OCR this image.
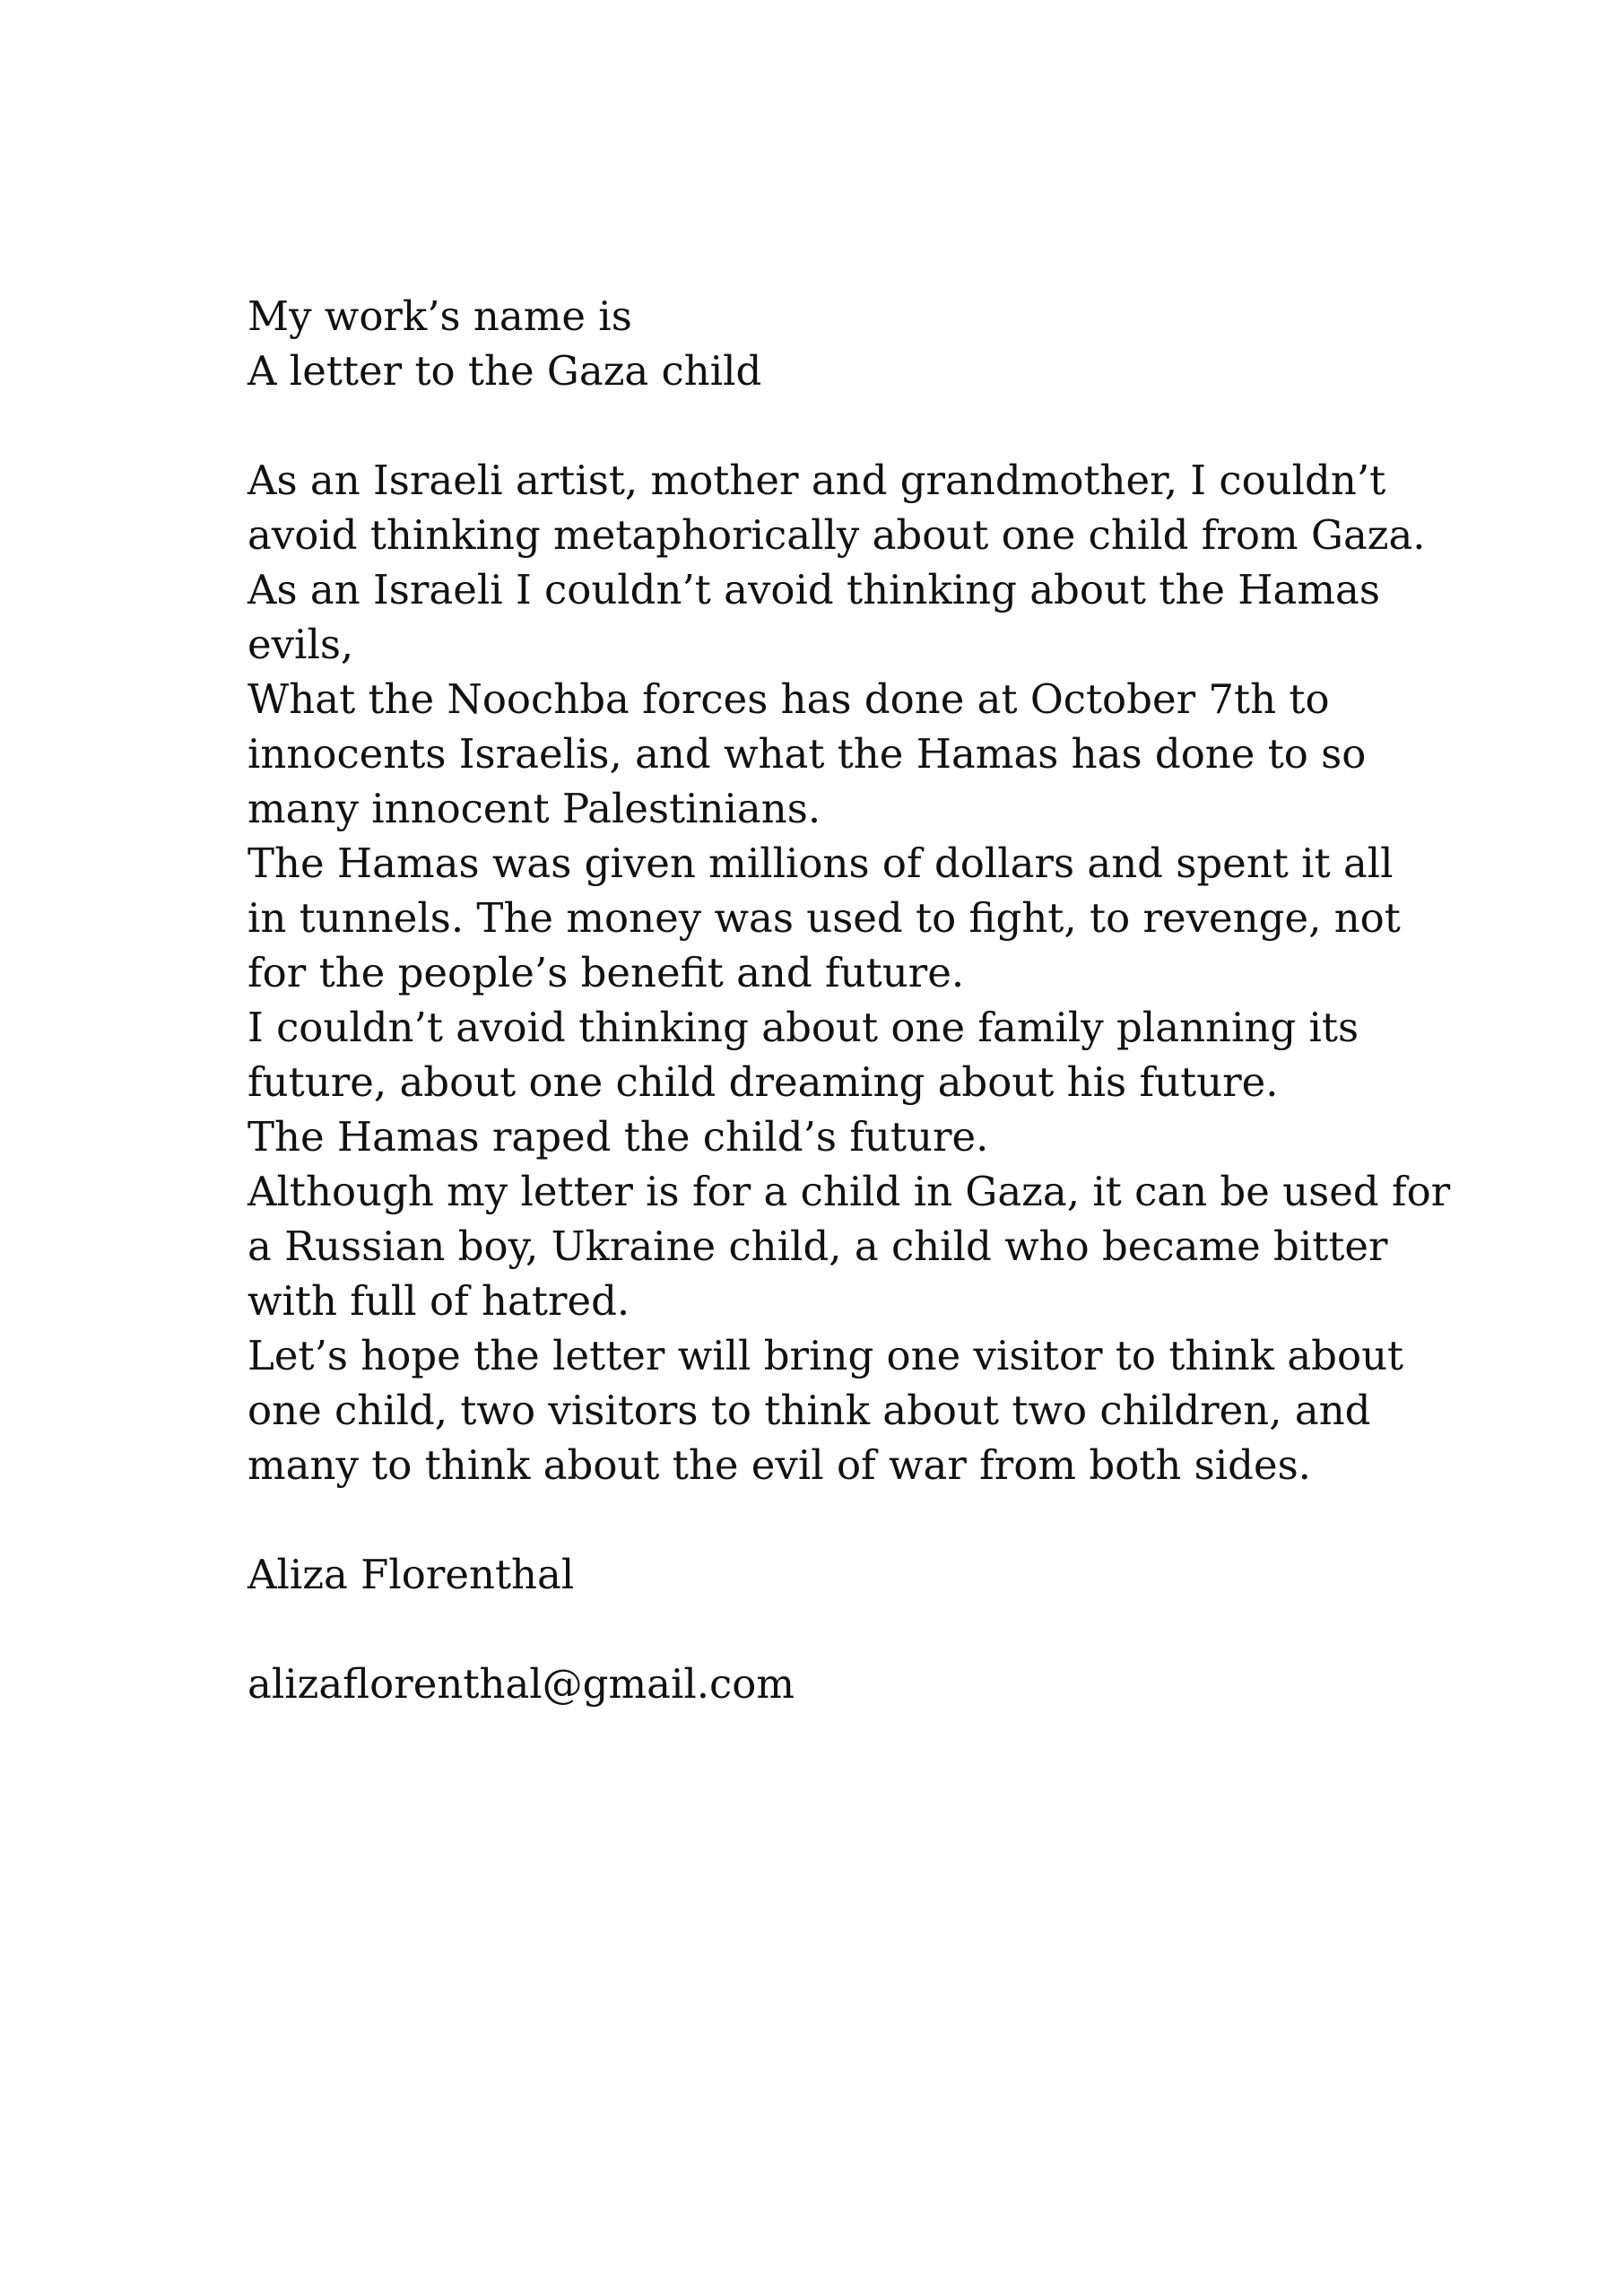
My work’s name is
A letter to the Gaza child
As an Israeli artist, mother and grandmother, I couldn’t
avoid thinking metaphorically about one child from Gaza.
As an Israeli I couldn’t avoid thinking about the Hamas
evils,
What the Noochba forces has done at October 7th to
innocents Israelis, and what the Hamas has done to so
many innocent Palestinians.
The Hamas was given millions of dollars and spent it all
in tunnels. The money was used to fight, to revenge, not
for the people’s benefit and future.
I couldn’t avoid thinking about one family planning its
future, about one child dreaming about his future.
The Hamas raped the child’s future.
Although my letter is for a child in Gaza, it can be used for
a Russian boy, Ukraine child, a child who became bitter
with full of hatred.
Let’s hope the letter will bring one visitor to think about
one child, two visitors to think about two children, and
many to think about the evil of war from both sides.
Aliza Florenthal
alizaflorenthal@gmail.com
